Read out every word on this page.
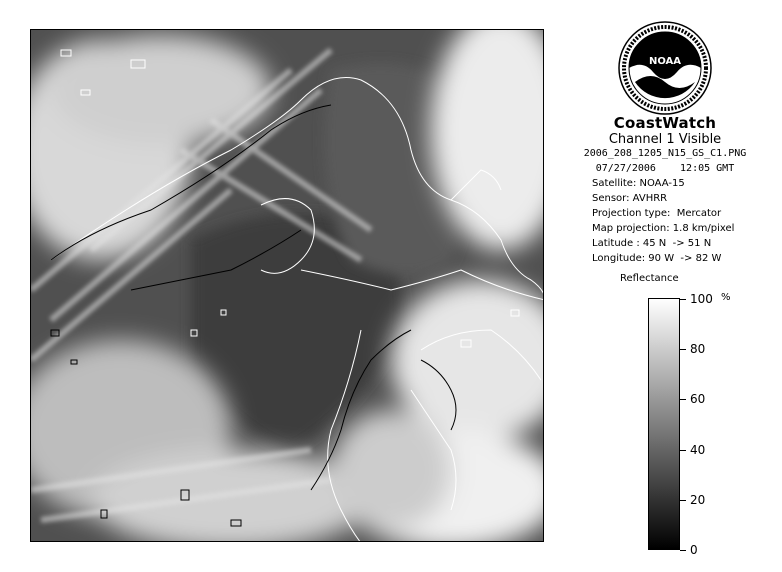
NOAA
CoastWatch
Channel 1 Visible
2006_208_1205_N15_GS_C1.PNG
07/27/2006    12:05 GMT
Satellite: NOAA-15
Sensor: AVHRR
Projection type:  Mercator
Map projection: 1.8 km/pixel
Latitude : 45 N  -> 51 N
Longitude: 90 W  -> 82 W
Reflectance
%
100
80
60
40
20
0
